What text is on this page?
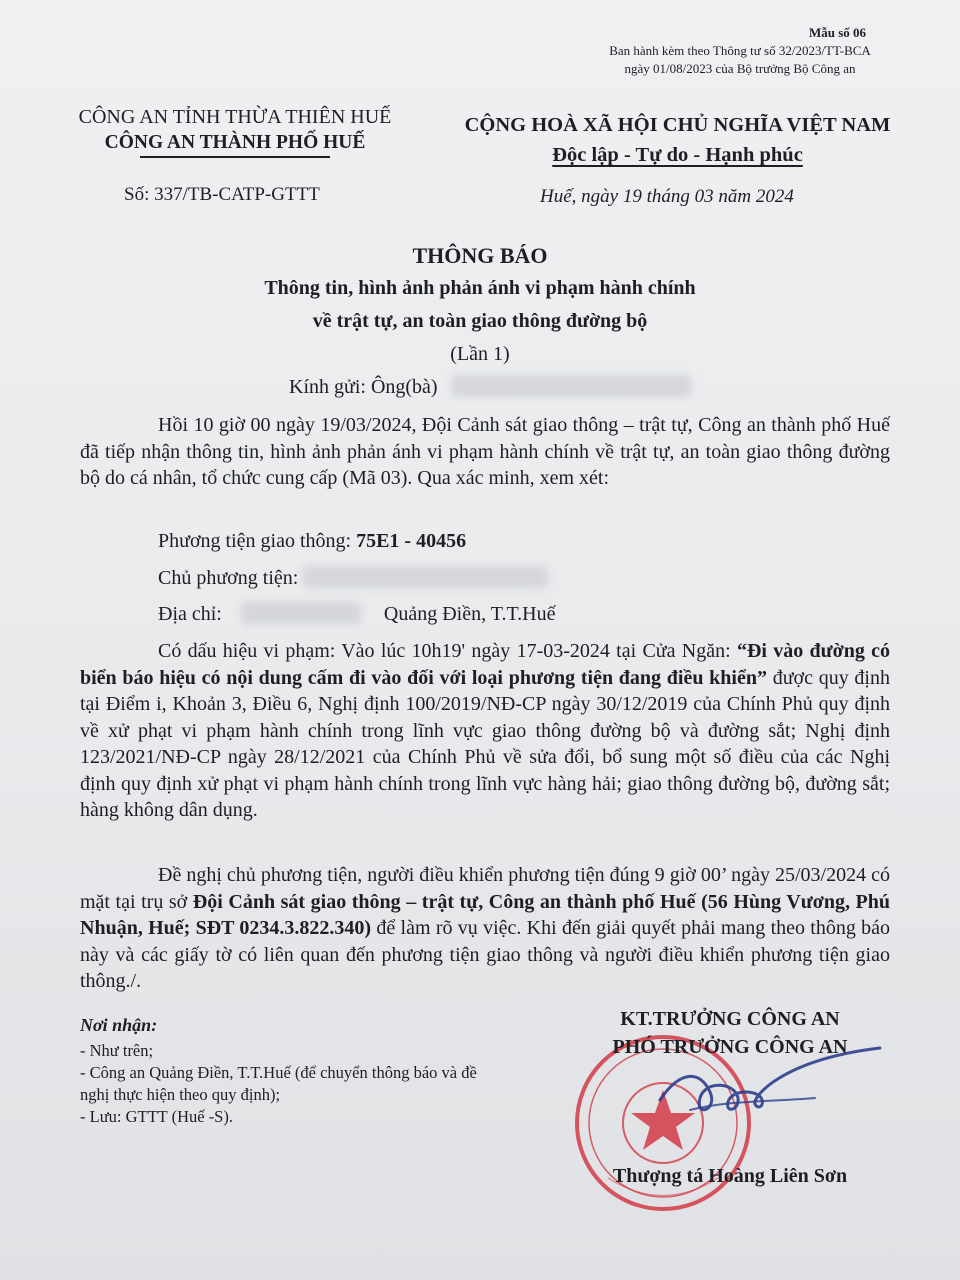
Mẫu số 06
Ban hành kèm theo Thông tư số 32/2023/TT-BCA
ngày 01/08/2023 của Bộ trưởng Bộ Công an
CÔNG AN TỈNH THỪA THIÊN HUẾ
CÔNG AN THÀNH PHỐ HUẾ
CỘNG HOÀ XÃ HỘI CHỦ NGHĨA VIỆT NAM
Độc lập - Tự do - Hạnh phúc
Số: 337/TB-CATP-GTTT	Huế, ngày 19 tháng 03 năm 2024
THÔNG BÁO
Thông tin, hình ảnh phản ánh vi phạm hành chính
về trật tự, an toàn giao thông đường bộ
(Lần 1)
Kính gửi: Ông(bà)
Hồi 10 giờ 00 ngày 19/03/2024, Đội Cảnh sát giao thông – trật tự, Công an thành phố Huế đã tiếp nhận thông tin, hình ảnh phản ánh vi phạm hành chính về trật tự, an toàn giao thông đường bộ do cá nhân, tổ chức cung cấp (Mã 03). Qua xác minh, xem xét:
Phương tiện giao thông: 75E1 - 40456
Chủ phương tiện:
Địa chỉ:	Quảng Điền, T.T.Huế
Có dấu hiệu vi phạm: Vào lúc 10h19' ngày 17-03-2024 tại Cửa Ngăn: “Đi vào đường có biển báo hiệu có nội dung cấm đi vào đối với loại phương tiện đang điều khiển” được quy định tại Điểm i, Khoản 3, Điều 6, Nghị định 100/2019/NĐ-CP ngày 30/12/2019 của Chính Phủ quy định về xử phạt vi phạm hành chính trong lĩnh vực giao thông đường bộ và đường sắt; Nghị định 123/2021/NĐ-CP ngày 28/12/2021 của Chính Phủ về sửa đổi, bổ sung một số điều của các Nghị định quy định xử phạt vi phạm hành chính trong lĩnh vực hàng hải; giao thông đường bộ, đường sắt; hàng không dân dụng.
Đề nghị chủ phương tiện, người điều khiển phương tiện đúng 9 giờ 00’ ngày 25/03/2024 có mặt tại trụ sở Đội Cảnh sát giao thông – trật tự, Công an thành phố Huế (56 Hùng Vương, Phú Nhuận, Huế; SĐT 0234.3.822.340) để làm rõ vụ việc. Khi đến giải quyết phải mang theo thông báo này và các giấy tờ có liên quan đến phương tiện giao thông và người điều khiển phương tiện giao thông./.
Nơi nhận:
- Như trên;
- Công an Quảng Điền, T.T.Huế (để chuyển thông báo và đề nghị thực hiện theo quy định);
- Lưu: GTTT (Huế -S).
KT.TRƯỞNG CÔNG AN
PHÓ TRƯỞNG CÔNG AN
Thượng tá Hoàng Liên Sơn
